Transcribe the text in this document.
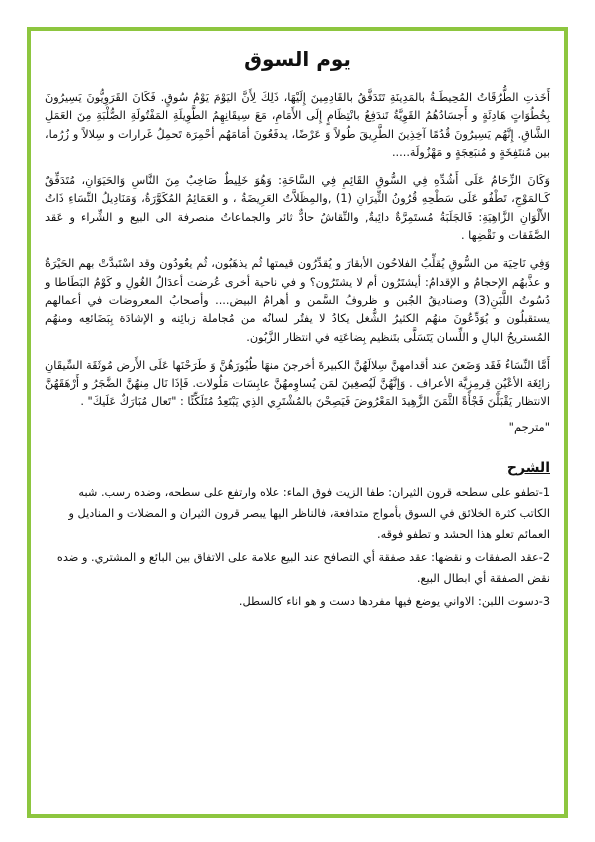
يوم السوق

أَخَذتِ الطُّرُقَاتُ المُحِيطَـةُ بالمَدِينَةِ تَتَدَفَّقُ بالقَادِمِينَ إِلَيْهَا، ذَلِكَ لِأَنَّ اليَوْمَ يَوْمُ سُوقٍ. فَكَانَ القَرَوِيُّونَ يَسِيرُونَ بِخُطُوَاتٍ هَادِئَةٍ و أَجسَادُهُمُ القَوِيَّةُ تَندَفِعُ بانْتِظَامٍ إِلَى الأَمَامِ، مَعَ سِيقَانِهِمُ الطَّوِيلَةِ المَفْتُولَةِ الصُّلْبَةِ مِنَ العَمَلِ الشَّاقِ. إِنَّهُم يَسِيرُونَ قُدُمًا آخِذِينَ الطَّرِيقَ طُولاً وَ عَرْضًا، يدفَعُونَ أمَامَهُم أحْمِرَة تَحمِلُ غَرارات و سِلالاً و زُرُما، بين مُنتَفِخَةٍ و مُنبَعِجَةٍ و مَهْزُولَة.....

وَكَانَ الزِّحَامُ عَلَى أَشُدِّهِ فِي السُّوقِ القَائِمِ فِي السَّاحَةِ: وَهُوَ خَلِيطٌ صَاخِبٌ مِنَ النَّاسِ وَالحَيَوَانِ، مُتَدَفِّقٌ كَـالمَوْجِ، تَطْفُو عَلَى سَطْحِهِ قُرُونُ الثِّيرَانِ (1) ,والمِظَلاَّتُ العَرِيضَةُ ، و العَمَائِمُ المُكَوَّرَةُ، وَمَنَادِيلُ النِّسَاءِ ذَاتُ الأَلْوَانِ الزَّاهِيَةِ: فَالجَلَبَةُ مُستَمِرَّةٌ دائِبةٌ, والنِّقاشُ حادٌّ ثائر والجماعاتُ منصرفة الى البيع و الشِّراء و عَقد الصَّفَقات و نَقْضِها .

وَفِي نَاحِيَة من السُّوقِ يُقلِّبُ الفلاحُون الأبقارَ و يُقدِّرُون قيمتها ثُم يذهَبُون، ثُم يعُودُون وقد اسْتَبدَّتْ بهم الحَيْرَةُ و عذَّبهُم الإحجامُ و الإقدامُ: أيشتَرُون أم لا يشتَرُون؟ و في ناحية أخرى عُرضت أعدَالُ الغُولِ و كَوْمُ البَطَاطا و دُسُوتُ اللَّبَنِ(3) وصناديقُ الجُبن و ظروفُ السَّمن و أهرامُ البيض.... وأصحابُ المعروضات في أعمالهم يستقبلُون و يُوَدِّعُونَ منهُم الكثيرُ الشُّغل يكادُ لا يفتُر لسانُه من مُجاملة زبائِنه و الإشادَة بِبَضَائعِه ومنهُم المُستريحُ البالِ و اللِّسان يَتَسَلَّى بتَنظيم بِضاعَتِه في انتظار الزَّبُون.

أَمَّا النِّسَاءُ فَقَد وَضَعنَ عند أقدامهنَّ سِلالَهُنَّ الكبيرةَ أخرجنَ منهَا طُيُورَهُنَّ وَ طَرَحْنَها عَلَى الأَرض مُوثَقَة السِّيقَانِ زائِغَة الأعْيُنِ قِرمِزِيَّة الأعراف . وَإنَّهُنَّ لَيُصغِينَ لمَن يُساوِمهُنَّ عابِسَات مَلُولات. فَإذَا نَال مِنهُنَّ الضَّجَرُ و أَرْهَقَهُنَّ الانتظار يَقْبَلْنَ فَجْأَةً الثَّمَنَ الزَّهِيدَ المَعْرُوضَ فَيَصِحْنَ بالمُشْتَرِي الذِي يَبْتَعِدُ مُتَلَكِّئًا : "تَعال مُبَارَكٌ عَلَيكَ" .

"مترجم"
الشرح

1-تطفو على سطحه قرون الثيران: طفا الزيت فوق الماء: علاه وارتفع على سطحه، وضده رسب. شبه الكاتب كثرة الخلائق في السوق بأمواج متدافعة، فالناظر اليها يبصر قرون الثيران و المضلات و المناديل و العمائم تعلو هذا الحشد و تطفو فوقه.

2-عقد الصفقات و نقضها: عقد صفقة أي التصافح عند البيع علامة على الاتفاق بين البائع و المشتري. و ضده نقض الصفقة أي ابطال البيع.

3-دسوت اللبن: الاواني يوضع فيها مفردها دست و هو اناء كالسطل.
